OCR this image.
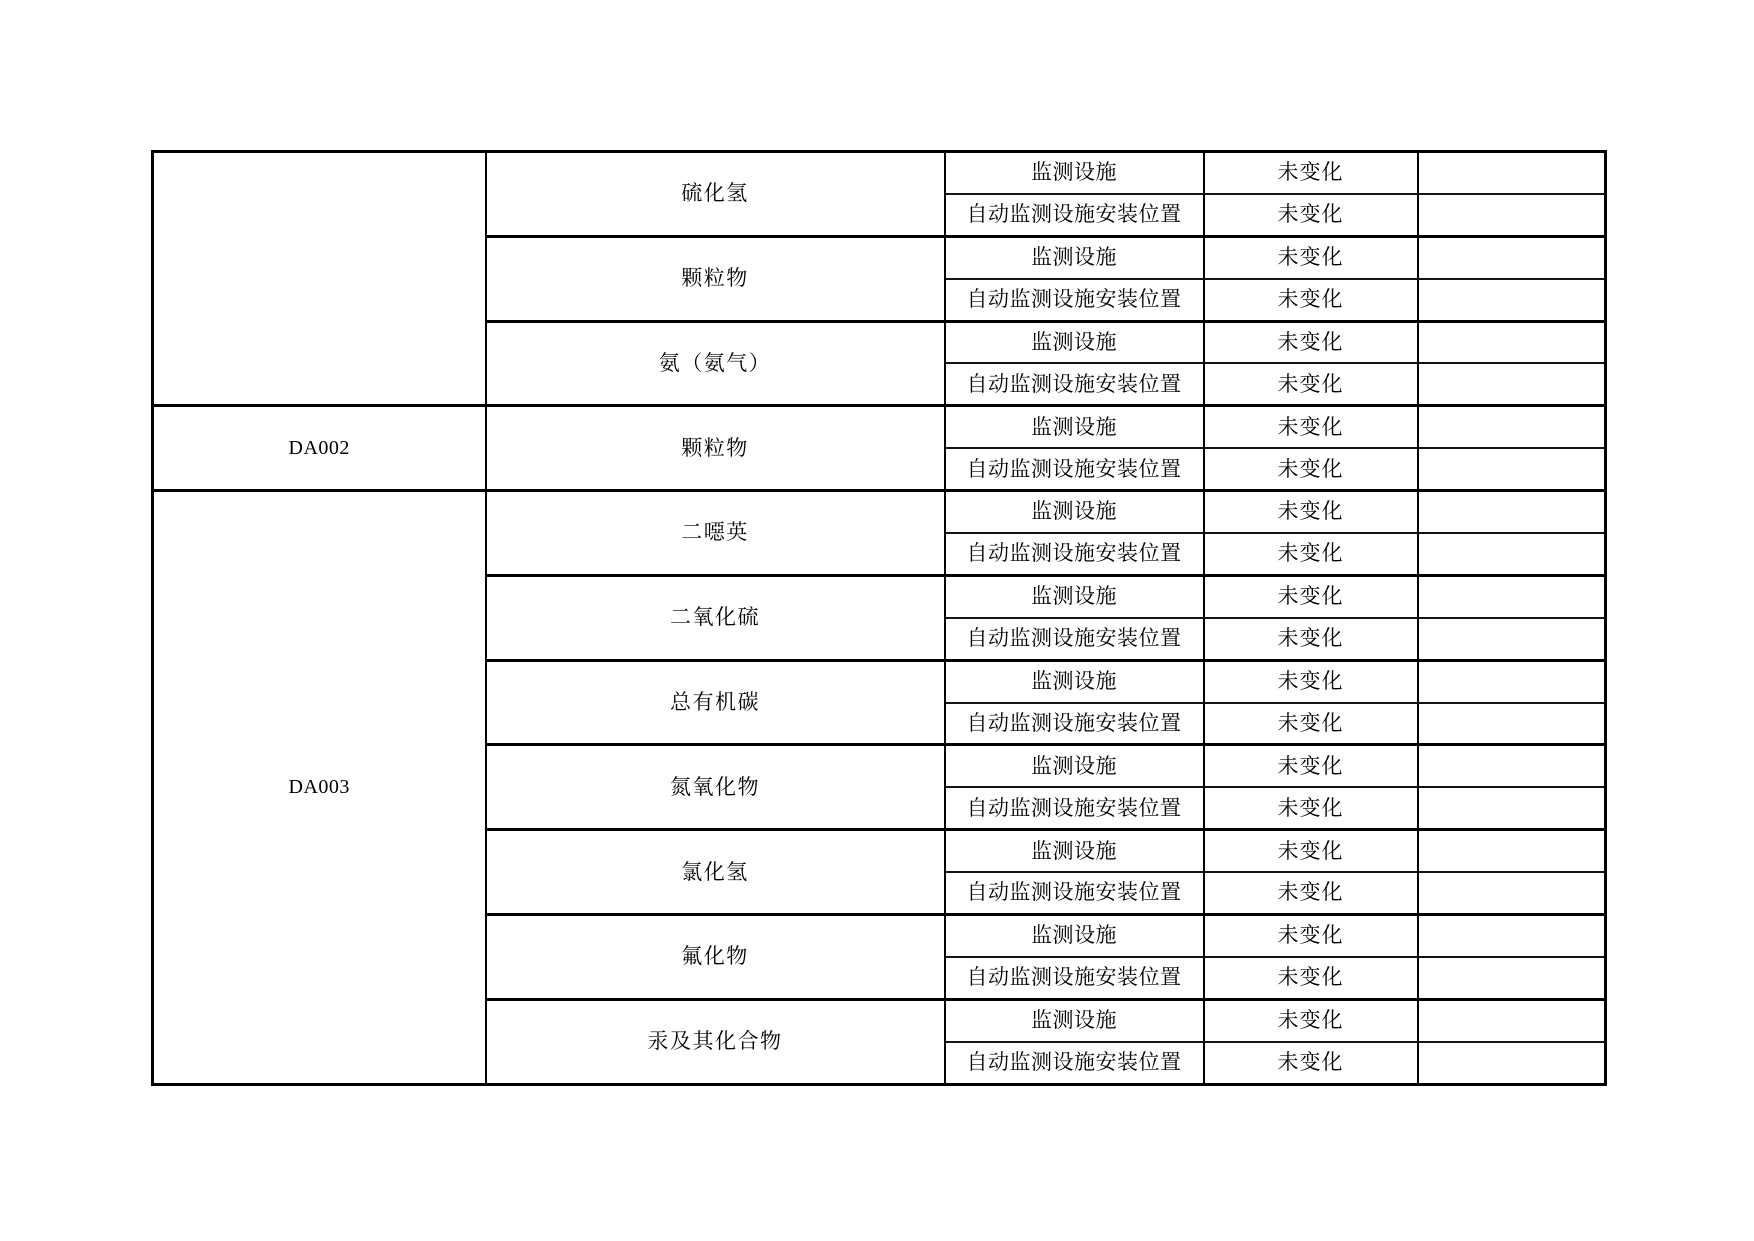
	硫化氢	监测设施	未变化	
		自动监测设施安装位置	未变化	
	颗粒物	监测设施	未变化	
		自动监测设施安装位置	未变化	
	氨（氨气）	监测设施	未变化	
		自动监测设施安装位置	未变化	
DA002	颗粒物	监测设施	未变化	
		自动监测设施安装位置	未变化	
DA003	二噁英	监测设施	未变化	
		自动监测设施安装位置	未变化	
	二氧化硫	监测设施	未变化	
		自动监测设施安装位置	未变化	
	总有机碳	监测设施	未变化	
		自动监测设施安装位置	未变化	
	氮氧化物	监测设施	未变化	
		自动监测设施安装位置	未变化	
	氯化氢	监测设施	未变化	
		自动监测设施安装位置	未变化	
	氟化物	监测设施	未变化	
		自动监测设施安装位置	未变化	
	汞及其化合物	监测设施	未变化	
		自动监测设施安装位置	未变化	
